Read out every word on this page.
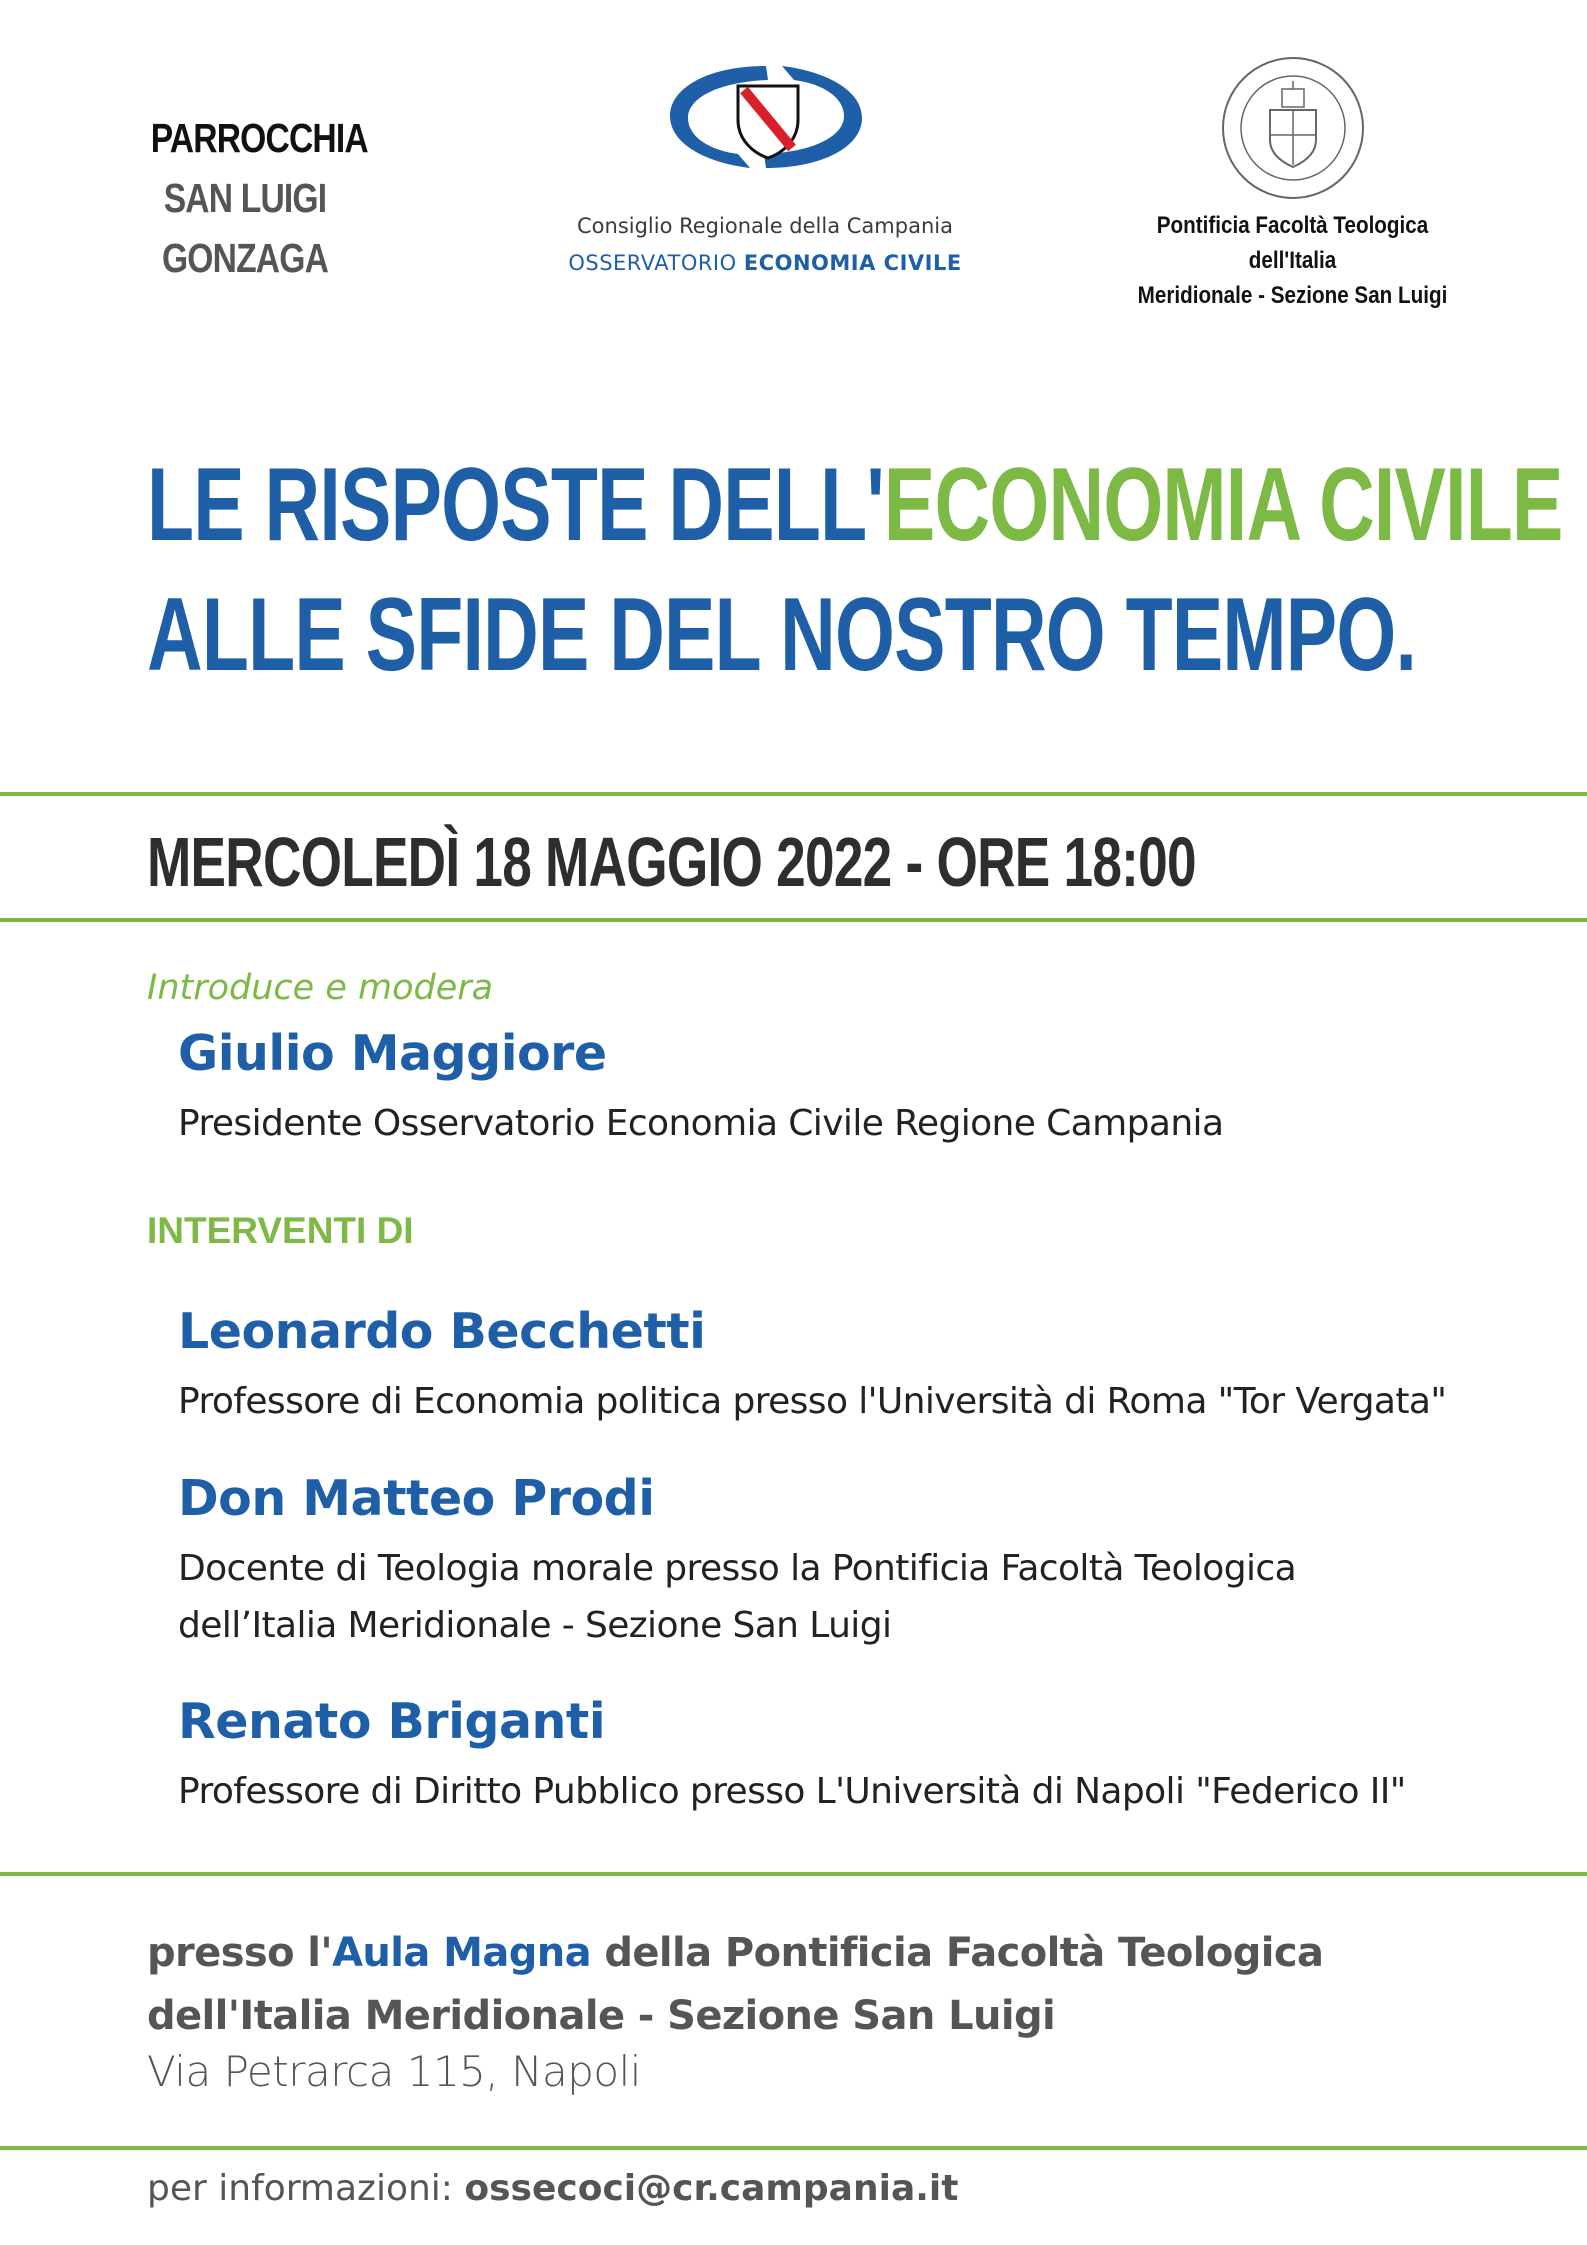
PARROCCHIA
SAN LUIGI
GONZAGA
Consiglio Regionale della Campania
OSSERVATORIO ECONOMIA CIVILE
Pontificia Facoltà Teologica dell'Italia
Meridionale - Sezione San Luigi
LE RISPOSTE DELL'ECONOMIA CIVILE
ALLE SFIDE DEL NOSTRO TEMPO.
MERCOLEDÌ 18 MAGGIO 2022 - ORE 18:00
Introduce e modera
Giulio Maggiore
Presidente Osservatorio Economia Civile Regione Campania
INTERVENTI DI
Leonardo Becchetti
Professore di Economia politica presso l'Università di Roma "Tor Vergata"
Don Matteo Prodi
Docente di Teologia morale presso la Pontificia Facoltà Teologica
dell’Italia Meridionale - Sezione San Luigi
Renato Briganti
Professore di Diritto Pubblico presso L'Università di Napoli "Federico II"
presso l'Aula Magna della Pontificia Facoltà Teologica
dell'Italia Meridionale - Sezione San Luigi
Via Petrarca 115, Napoli
per informazioni: ossecoci@cr.campania.it
